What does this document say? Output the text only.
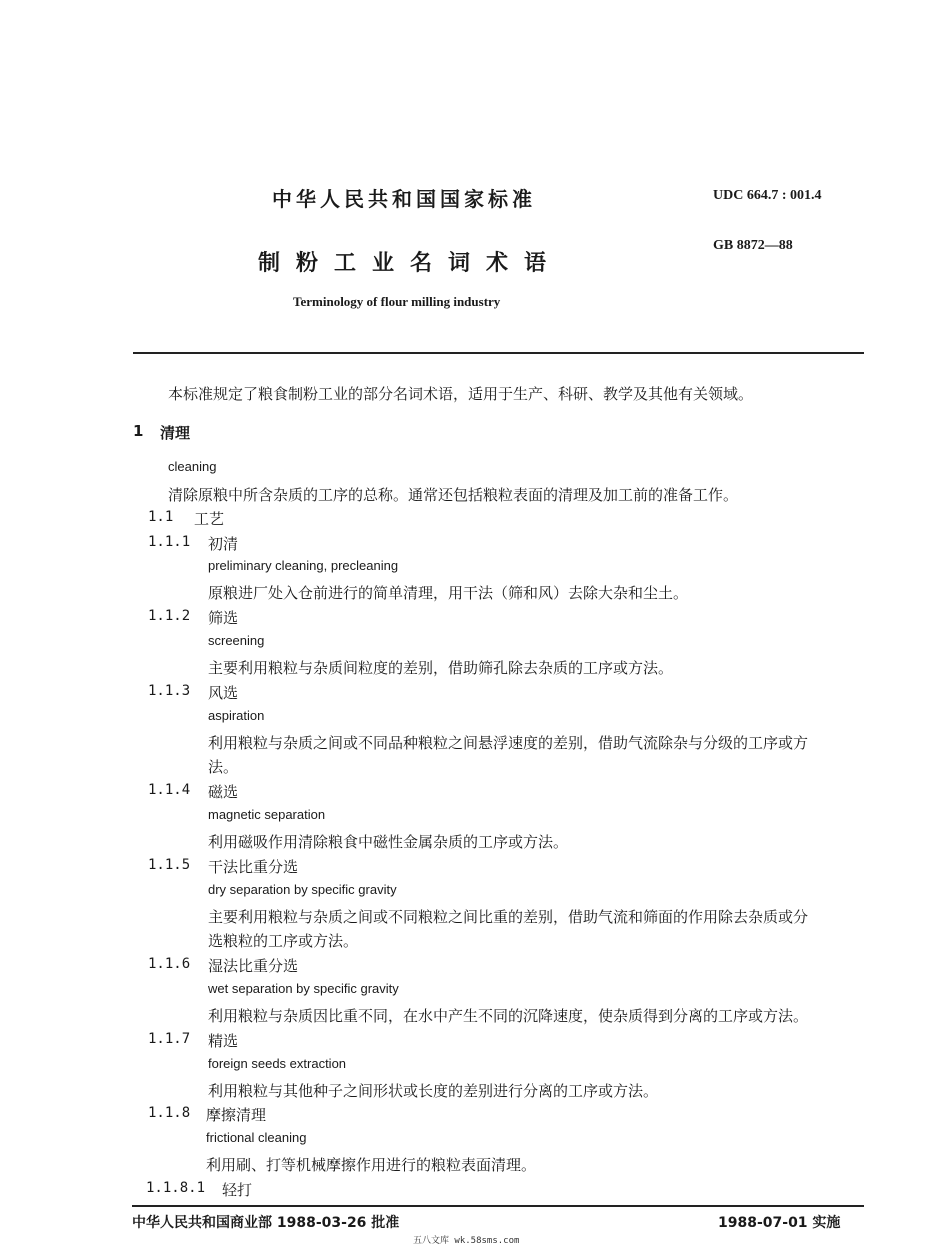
中华人民共和国国家标准	UDC 664.7 : 001.4
GB 8872—88
制粉工业名词术语
Terminology of flour milling industry
本标准规定了粮食制粉工业的部分名词术语，适用于生产、科研、教学及其他有关领域。
1 清理
cleaning
清除原粮中所含杂质的工序的总称。通常还包括粮粒表面的清理及加工前的准备工作。
1.1 工艺
1.1.1 初清
preliminary cleaning, precleaning
原粮进厂处入仓前进行的简单清理，用干法（筛和风）去除大杂和尘土。
1.1.2 筛选
screening
主要利用粮粒与杂质间粒度的差别，借助筛孔除去杂质的工序或方法。
1.1.3 风选
aspiration
利用粮粒与杂质之间或不同品种粮粒之间悬浮速度的差别，借助气流除杂与分级的工序或方
法。
1.1.4 磁选
magnetic separation
利用磁吸作用清除粮食中磁性金属杂质的工序或方法。
1.1.5 干法比重分选
dry separation by specific gravity
主要利用粮粒与杂质之间或不同粮粒之间比重的差别，借助气流和筛面的作用除去杂质或分
选粮粒的工序或方法。
1.1.6 湿法比重分选
wet separation by specific gravity
利用粮粒与杂质因比重不同，在水中产生不同的沉降速度，使杂质得到分离的工序或方法。
1.1.7 精选
foreign seeds extraction
利用粮粒与其他种子之间形状或长度的差别进行分离的工序或方法。
1.1.8 摩擦清理
frictional cleaning
利用刷、打等机械摩擦作用进行的粮粒表面清理。
1.1.8.1 轻打
中华人民共和国商业部 1988-03-26 批准	1988-07-01 实施
五八文库 wk.58sms.com
